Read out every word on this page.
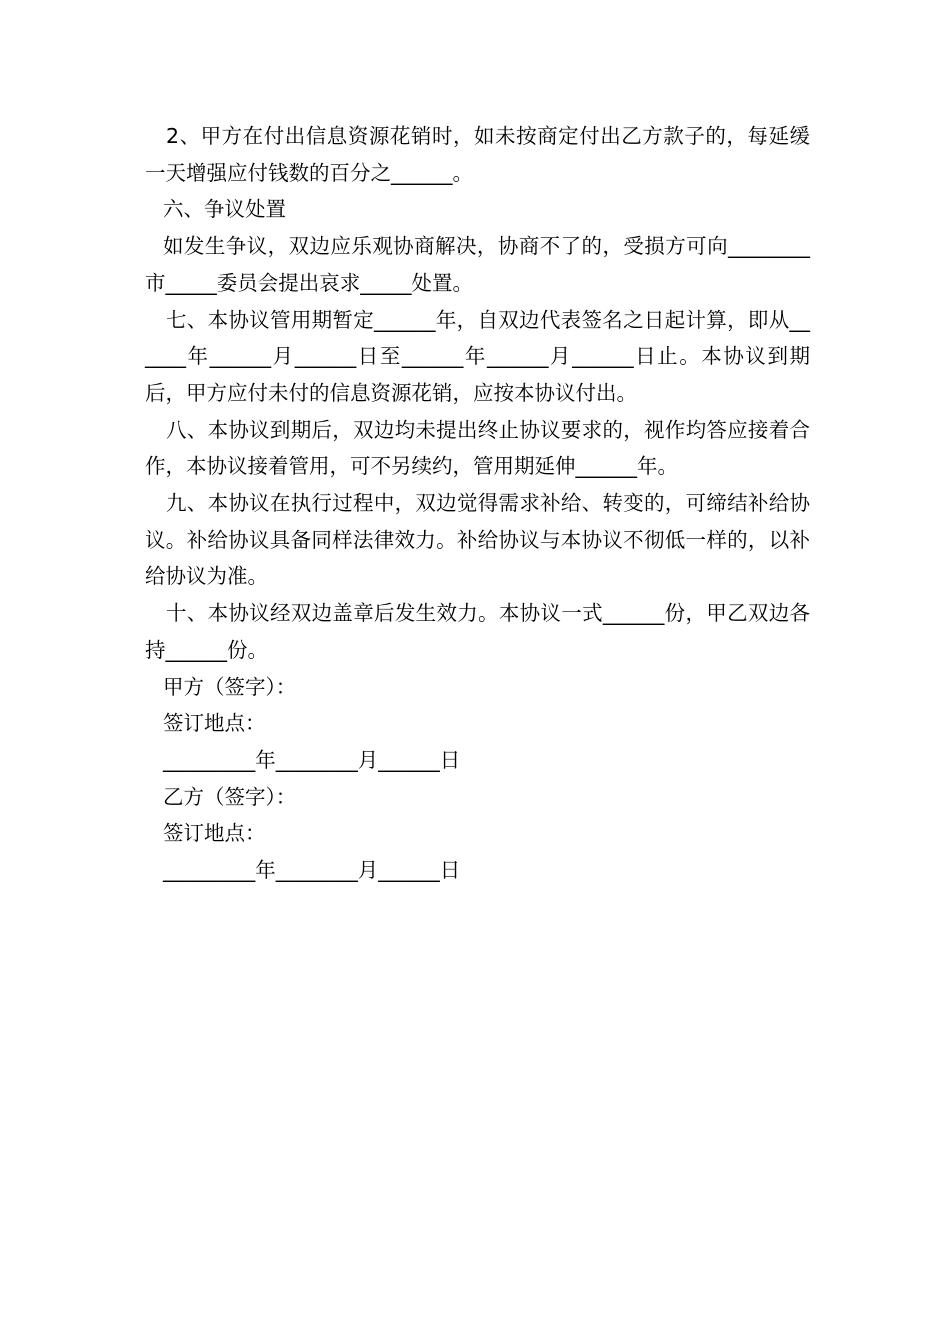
2、甲方在付出信息资源花销时，如未按商定付出乙方款子的，每延缓一天增强应付钱数的百分之______。

六、争议处置

如发生争议，双边应乐观协商解决，协商不了的，受损方可向________市_____委员会提出哀求_____处置。

七、本协议管用期暂定______年，自双边代表签名之日起计算，即从______年______月______日至______年______月______日止。本协议到期后，甲方应付未付的信息资源花销，应按本协议付出。

八、本协议到期后，双边均未提出终止协议要求的，视作均答应接着合作，本协议接着管用，可不另续约，管用期延伸______年。

九、本协议在执行过程中，双边觉得需求补给、转变的，可缔结补给协议。补给协议具备同样法律效力。补给协议与本协议不彻低一样的，以补给协议为准。

十、本协议经双边盖章后发生效力。本协议一式______份，甲乙双边各持______份。

甲方（签字）：

签订地点：

_________年________月______日

乙方（签字）：

签订地点：

_________年________月______日
